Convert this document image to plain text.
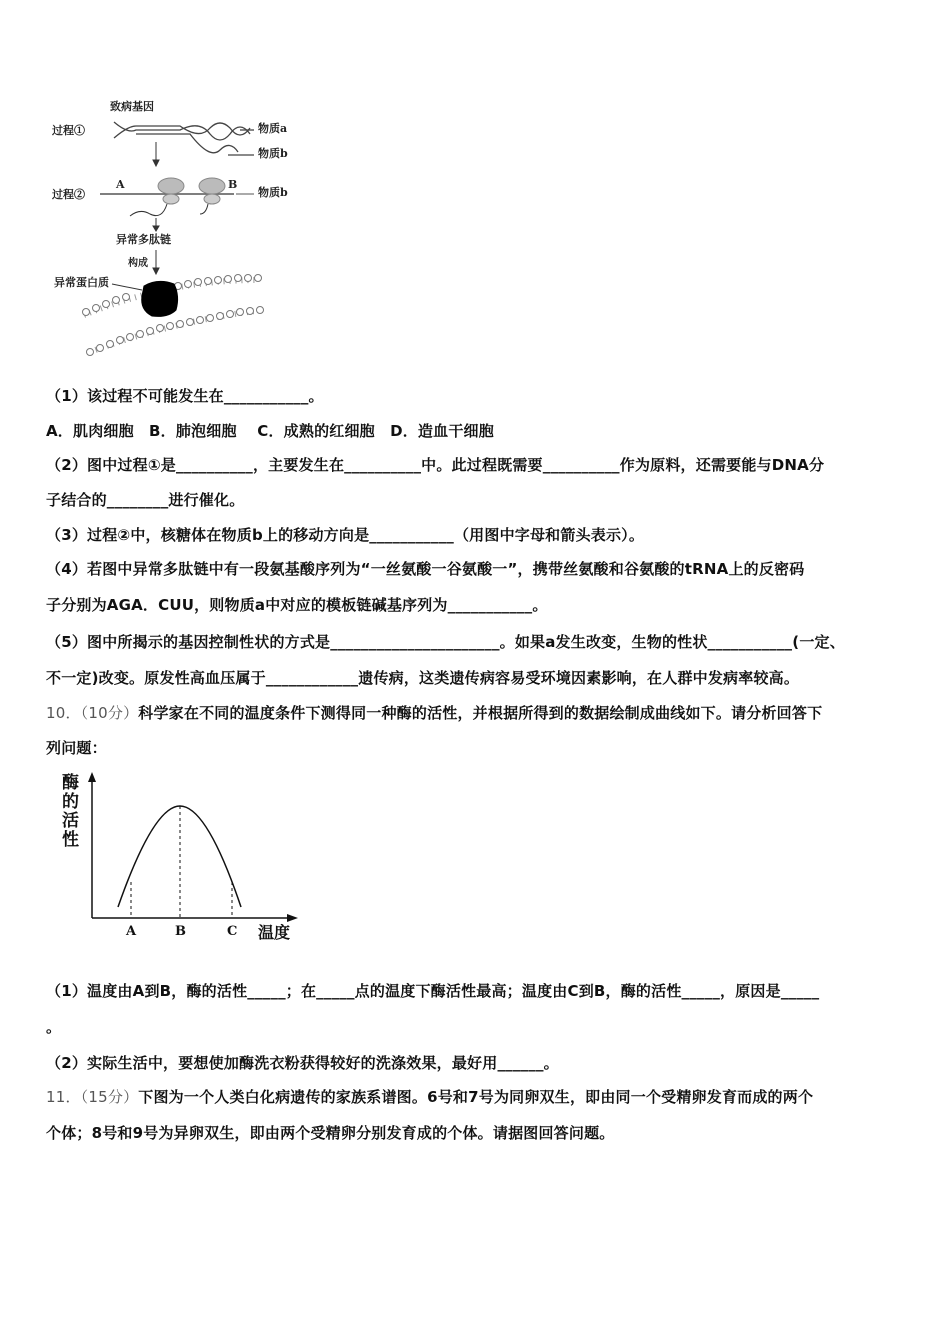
致病基因
过程①	物质a
物质b
过程②
A	B
物质b
异常多肽链
构成
异常蛋白质
（1）该过程不可能发生在___________。
A．肌肉细胞　B．肺泡细胞　 C．成熟的红细胞　D．造血干细胞
（2）图中过程①是__________，主要发生在__________中。此过程既需要__________作为原料，还需要能与DNA分
子结合的________进行催化。
（3）过程②中，核糖体在物质b上的移动方向是___________（用图中字母和箭头表示）。
（4）若图中异常多肽链中有一段氨基酸序列为“一丝氨酸一谷氨酸一”，携带丝氨酸和谷氨酸的tRNA上的反密码
子分别为AGA．CUU，则物质a中对应的模板链碱基序列为___________。
（5）图中所揭示的基因控制性状的方式是______________________。如果a发生改变，生物的性状___________(一定、
不一定)改变。原发性高血压属于____________遗传病，这类遗传病容易受环境因素影响，在人群中发病率较高。
10．（10分）科学家在不同的温度条件下测得同一种酶的活性，并根据所得到的数据绘制成曲线如下。请分析回答下
列问题：
A	B	C 温度
酶的活性
（1）温度由A到B，酶的活性_____；在_____点的温度下酶活性最高；温度由C到B，酶的活性_____，原因是_____
。
（2）实际生活中，要想使加酶洗衣粉获得较好的洗涤效果，最好用______。
11．（15分）下图为一个人类白化病遗传的家族系谱图。6号和7号为同卵双生，即由同一个受精卵发育而成的两个
个体；8号和9号为异卵双生，即由两个受精卵分别发育成的个体。请据图回答问题。
